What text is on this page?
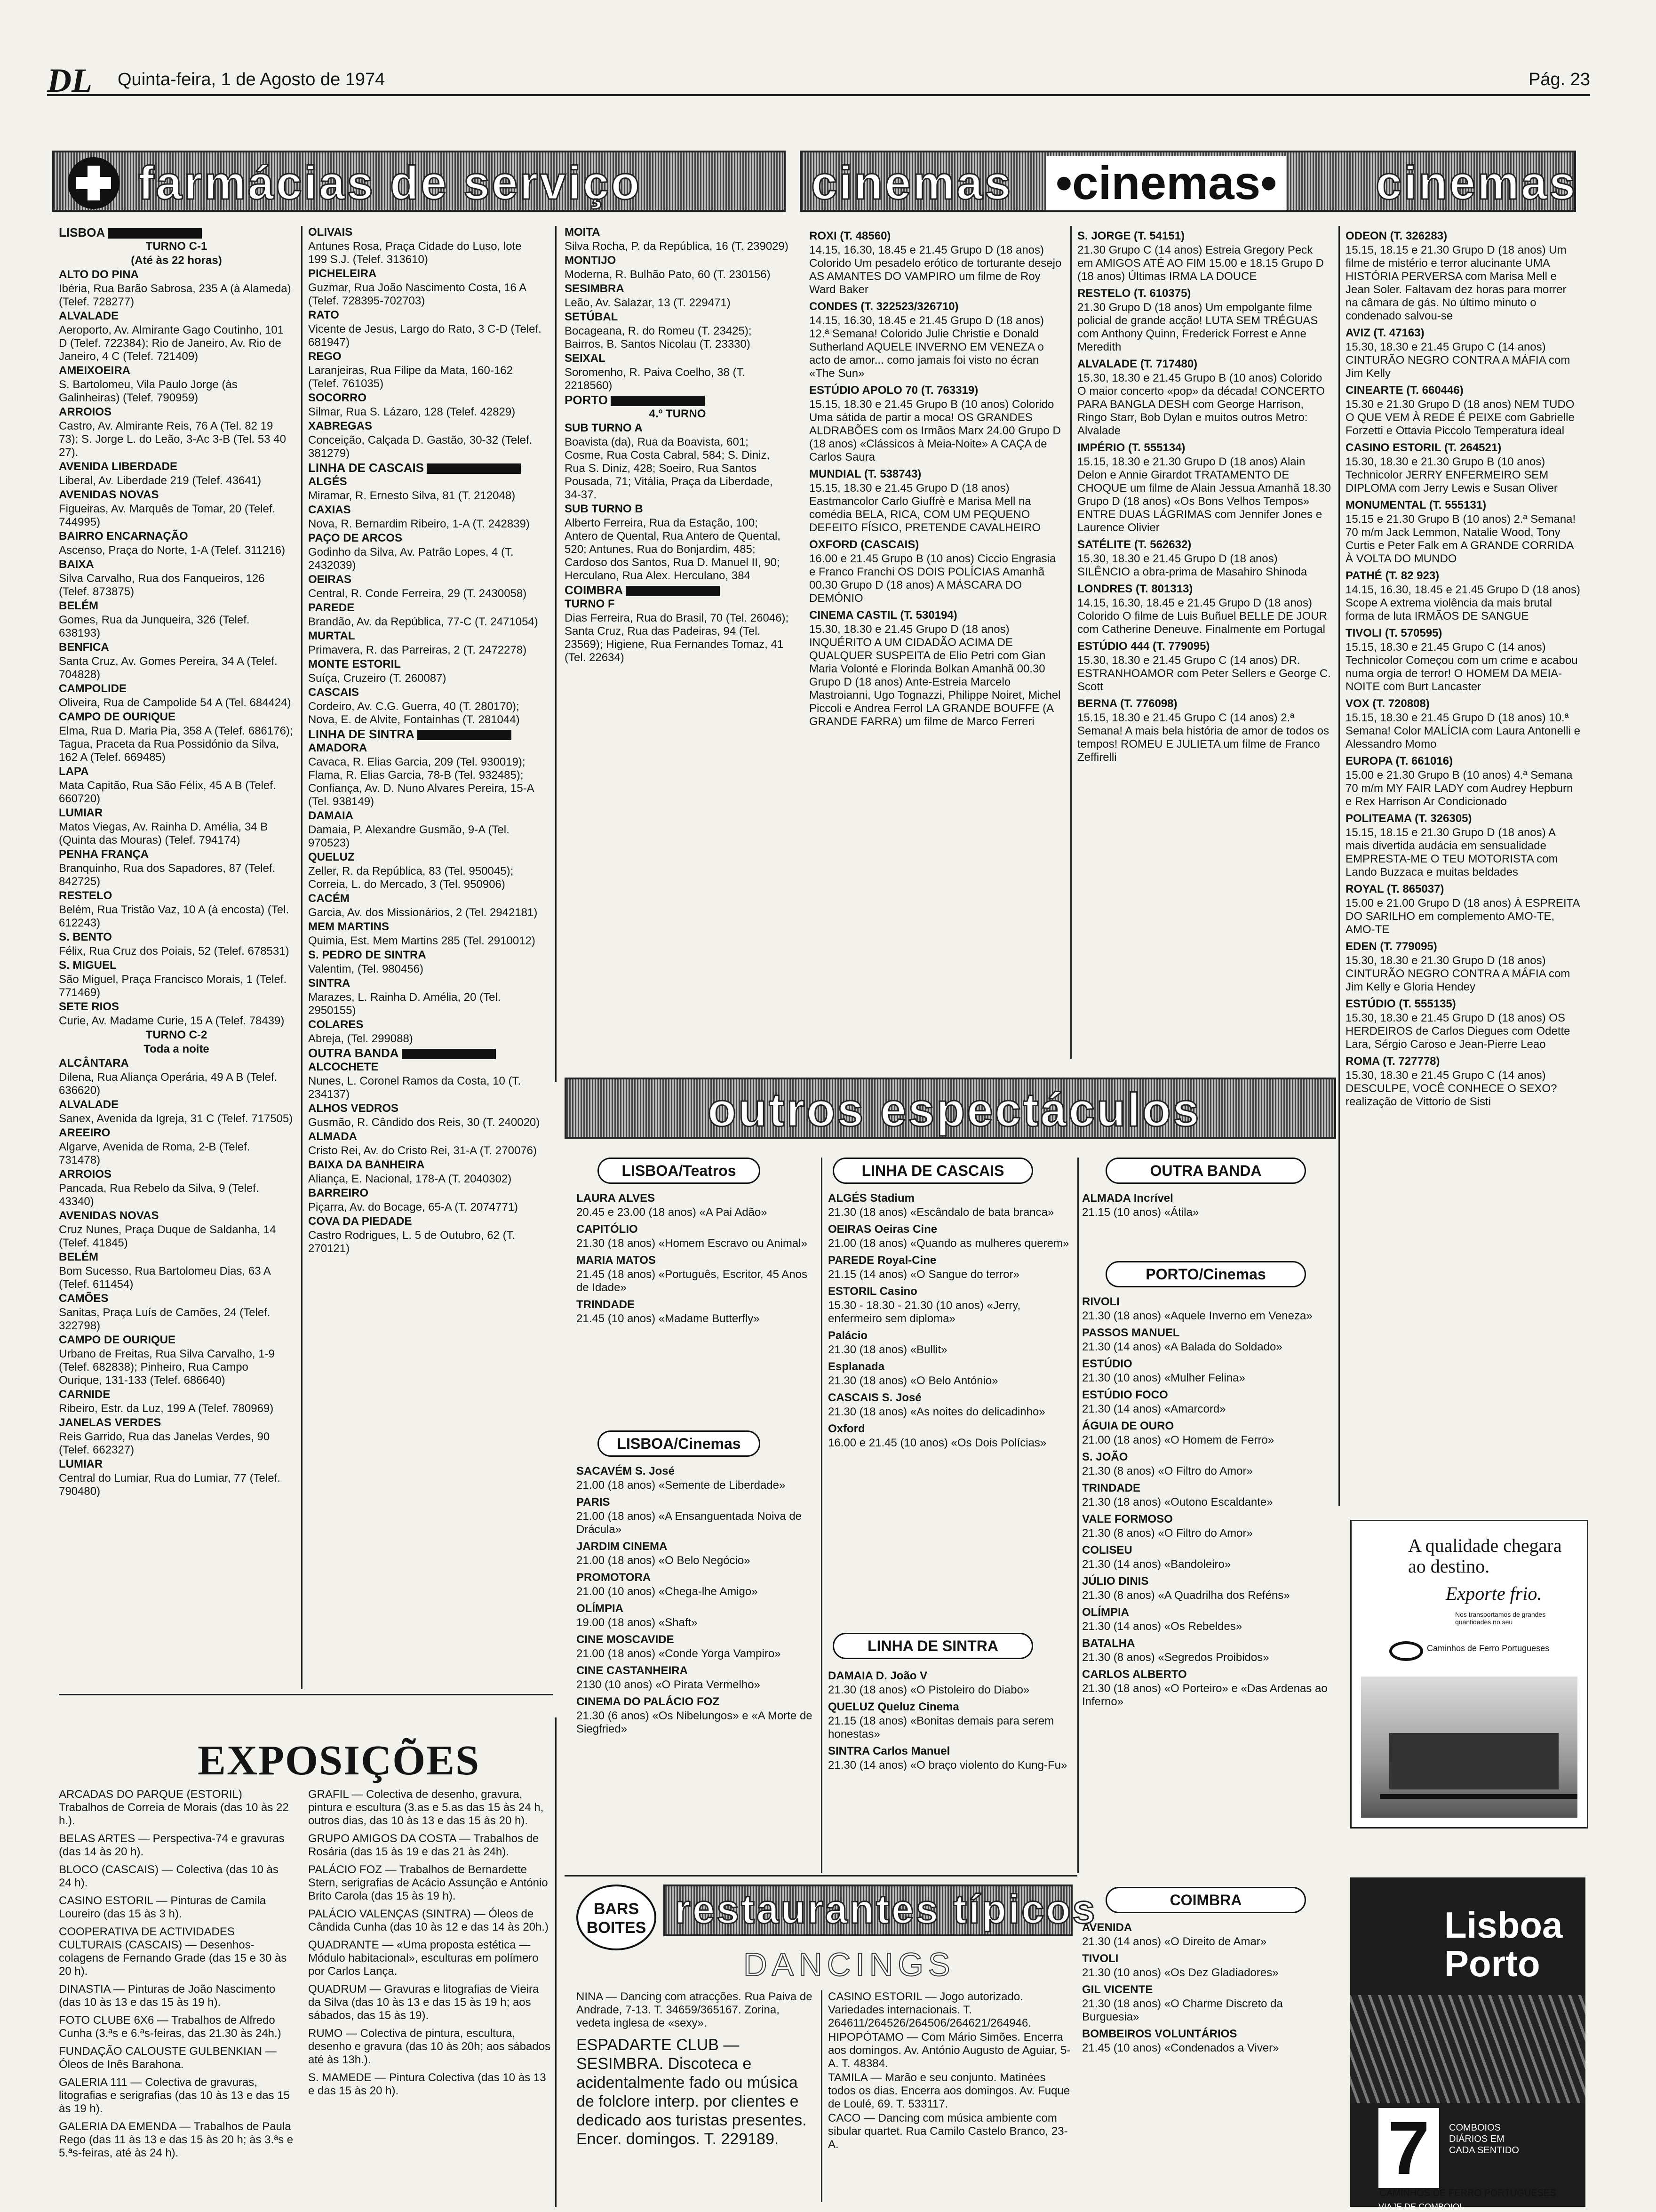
DL Quinta-feira, 1 de Agosto de 1974	Pág. 23
farmácias de serviço	cinemas •cinemas• cinemas

LISBOA

TURNO C-1

(Até às 22 horas)

ALTO DO PINA

Ibéria, Rua Barão Sabrosa, 235 A (à Alameda) (Telef. 728277)

ALVALADE

Aeroporto, Av. Almirante Gago Coutinho, 101 D (Telef. 722384); Rio de Janeiro, Av. Rio de Janeiro, 4 C (Telef. 721409)

AMEIXOEIRA

S. Bartolomeu, Vila Paulo Jorge (às Galinheiras) (Telef. 790959)

ARROIOS

Castro, Av. Almirante Reis, 76 A (Tel. 82 19 73); S. Jorge L. do Leão, 3-Ac 3-B (Tel. 53 40 27).

AVENIDA LIBERDADE

Liberal, Av. Liberdade 219 (Telef. 43641)

AVENIDAS NOVAS

Figueiras, Av. Marquês de Tomar, 20 (Telef. 744995)

BAIRRO ENCARNAÇÃO

Ascenso, Praça do Norte, 1-A (Telef. 311216)

BAIXA

Silva Carvalho, Rua dos Fanqueiros, 126 (Telef. 873875)

BELÉM

Gomes, Rua da Junqueira, 326 (Telef. 638193)

BENFICA

Santa Cruz, Av. Gomes Pereira, 34 A (Telef. 704828)

CAMPOLIDE

Oliveira, Rua de Campolide 54 A (Tel. 684424)

CAMPO DE OURIQUE

Elma, Rua D. Maria Pia, 358 A (Telef. 686176); Tagua, Praceta da Rua Possidónio da Silva, 162 A (Telef. 669485)

LAPA

Mata Capitão, Rua São Félix, 45 A B (Telef. 660720)

LUMIAR

Matos Viegas, Av. Rainha D. Amélia, 34 B (Quinta das Mouras) (Telef. 794174)

PENHA FRANÇA

Branquinho, Rua dos Sapadores, 87 (Telef. 842725)

RESTELO

Belém, Rua Tristão Vaz, 10 A (à encosta) (Tel. 612243)

S. BENTO

Félix, Rua Cruz dos Poiais, 52 (Telef. 678531)

S. MIGUEL

São Miguel, Praça Francisco Morais, 1 (Telef. 771469)

SETE RIOS

Curie, Av. Madame Curie, 15 A (Telef. 78439)

TURNO C-2

Toda a noite

ALCÂNTARA

Dilena, Rua Aliança Operária, 49 A B (Telef. 636620)

ALVALADE

Sanex, Avenida da Igreja, 31 C (Telef. 717505)

AREEIRO

Algarve, Avenida de Roma, 2-B (Telef. 731478)

ARROIOS

Pancada, Rua Rebelo da Silva, 9 (Telef. 43340)

AVENIDAS NOVAS

Cruz Nunes, Praça Duque de Saldanha, 14 (Telef. 41845)

BELÉM

Bom Sucesso, Rua Bartolomeu Dias, 63 A (Telef. 611454)

CAMÕES

Sanitas, Praça Luís de Camões, 24 (Telef. 322798)

CAMPO DE OURIQUE

Urbano de Freitas, Rua Silva Carvalho, 1-9 (Telef. 682838); Pinheiro, Rua Campo Ourique, 131-133 (Telef. 686640)

CARNIDE

Ribeiro, Estr. da Luz, 199 A (Telef. 780969)

JANELAS VERDES

Reis Garrido, Rua das Janelas Verdes, 90 (Telef. 662327)

LUMIAR

Central do Lumiar, Rua do Lumiar, 77 (Telef. 790480)

OLIVAIS

Antunes Rosa, Praça Cidade do Luso, lote 199 S.J. (Telef. 313610)

PICHELEIRA

Guzmar, Rua João Nascimento Costa, 16 A (Telef. 728395-702703)

RATO

Vicente de Jesus, Largo do Rato, 3 C-D (Telef. 681947)

REGO

Laranjeiras, Rua Filipe da Mata, 160-162 (Telef. 761035)

SOCORRO

Silmar, Rua S. Lázaro, 128 (Telef. 42829)

XABREGAS

Conceição, Calçada D. Gastão, 30-32 (Telef. 381279)

LINHA DE CASCAIS

ALGÉS

Miramar, R. Ernesto Silva, 81 (T. 212048)

CAXIAS

Nova, R. Bernardim Ribeiro, 1-A (T. 242839)

PAÇO DE ARCOS

Godinho da Silva, Av. Patrão Lopes, 4 (T. 2432039)

OEIRAS

Central, R. Conde Ferreira, 29 (T. 2430058)

PAREDE

Brandão, Av. da República, 77-C (T. 2471054)

MURTAL

Primavera, R. das Parreiras, 2 (T. 2472278)

MONTE ESTORIL

Suíça, Cruzeiro (T. 260087)

CASCAIS

Cordeiro, Av. C.G. Guerra, 40 (T. 280170); Nova, E. de Alvite, Fontainhas (T. 281044)

LINHA DE SINTRA

AMADORA

Cavaca, R. Elias Garcia, 209 (Tel. 930019); Flama, R. Elias Garcia, 78-B (Tel. 932485); Confiança, Av. D. Nuno Alvares Pereira, 15-A (Tel. 938149)

DAMAIA

Damaia, P. Alexandre Gusmão, 9-A (Tel. 970523)

QUELUZ

Zeller, R. da República, 83 (Tel. 950045); Correia, L. do Mercado, 3 (Tel. 950906)

CACÉM

Garcia, Av. dos Missionários, 2 (Tel. 2942181)

MEM MARTINS

Quimia, Est. Mem Martins 285 (Tel. 2910012)

S. PEDRO DE SINTRA

Valentim, (Tel. 980456)

SINTRA

Marazes, L. Rainha D. Amélia, 20 (Tel. 2950155)

COLARES

Abreja, (Tel. 299088)

OUTRA BANDA

ALCOCHETE

Nunes, L. Coronel Ramos da Costa, 10 (T. 234137)

ALHOS VEDROS

Gusmão, R. Cândido dos Reis, 30 (T. 240020)

ALMADA

Cristo Rei, Av. do Cristo Rei, 31-A (T. 270076)

BAIXA DA BANHEIRA

Aliança, E. Nacional, 178-A (T. 2040302)

BARREIRO

Piçarra, Av. do Bocage, 65-A (T. 2074771)

COVA DA PIEDADE

Castro Rodrigues, L. 5 de Outubro, 62 (T. 270121)

MOITA

Silva Rocha, P. da República, 16 (T. 239029)

MONTIJO

Moderna, R. Bulhão Pato, 60 (T. 230156)

SESIMBRA

Leão, Av. Salazar, 13 (T. 229471)

SETÚBAL

Bocageana, R. do Romeu (T. 23425); Bairros, B. Santos Nicolau (T. 23330)

SEIXAL

Soromenho, R. Paiva Coelho, 38 (T. 2218560)

PORTO

4.º TURNO

SUB TURNO A

Boavista (da), Rua da Boavista, 601; Cosme, Rua Costa Cabral, 584; S. Diniz, Rua S. Diniz, 428; Soeiro, Rua Santos Pousada, 71; Vitália, Praça da Liberdade, 34-37.

SUB TURNO B

Alberto Ferreira, Rua da Estação, 100; Antero de Quental, Rua Antero de Quental, 520; Antunes, Rua do Bonjardim, 485; Cardoso dos Santos, Rua D. Manuel II, 90; Herculano, Rua Alex. Herculano, 384

COIMBRA

TURNO F

Dias Ferreira, Rua do Brasil, 70 (Tel. 26046); Santa Cruz, Rua das Padeiras, 94 (Tel. 23569); Higiene, Rua Fernandes Tomaz, 41 (Tel. 22634)

EXPOSIÇÕES

ARCADAS DO PARQUE (ESTORIL) Trabalhos de Correia de Morais (das 10 às 22 h.).

BELAS ARTES — Perspectiva-74 e gravuras (das 14 às 20 h).

BLOCO (CASCAIS) — Colectiva (das 10 às 24 h).

CASINO ESTORIL — Pinturas de Camila Loureiro (das 15 às 3 h).

COOPERATIVA DE ACTIVIDADES CULTURAIS (CASCAIS) — Desenhos-colagens de Fernando Grade (das 15 e 30 às 20 h).

DINASTIA — Pinturas de João Nascimento (das 10 às 13 e das 15 às 19 h).

FOTO CLUBE 6X6 — Trabalhos de Alfredo Cunha (3.ªs e 6.ªs-feiras, das 21.30 às 24h.)

FUNDAÇÃO CALOUSTE GULBENKIAN — Óleos de Inês Barahona.

GALERIA 111 — Colectiva de gravuras, litografias e serigrafias (das 10 às 13 e das 15 às 19 h).

GALERIA DA EMENDA — Trabalhos de Paula Rego (das 11 às 13 e das 15 às 20 h; às 3.ªs e 5.ªs-feiras, até às 24 h).

GRAFIL — Colectiva de desenho, gravura, pintura e escultura (3.as e 5.as das 15 às 24 h, outros dias, das 10 às 13 e das 15 às 20 h).

GRUPO AMIGOS DA COSTA — Trabalhos de Rosária (das 15 às 19 e das 21 às 24h).

PALÁCIO FOZ — Trabalhos de Bernardette Stern, serigrafias de Acácio Assunção e António Brito Carola (das 15 às 19 h).

PALÁCIO VALENÇAS (SINTRA) — Óleos de Cândida Cunha (das 10 às 12 e das 14 às 20h.)

QUADRANTE — «Uma proposta estética — Módulo habitacional», esculturas em polímero por Carlos Lança.

QUADRUM — Gravuras e litografias de Vieira da Silva (das 10 às 13 e das 15 às 19 h; aos sábados, das 15 às 19).

RUMO — Colectiva de pintura, escultura, desenho e gravura (das 10 às 20h; aos sábados até às 13h.).

S. MAMEDE — Pintura Colectiva (das 10 às 13 e das 15 às 20 h).

ROXI (T. 48560)

14.15, 16.30, 18.45 e 21.45 Grupo D (18 anos) Colorido Um pesadelo erótico de torturante desejo AS AMANTES DO VAMPIRO um filme de Roy Ward Baker

CONDES (T. 322523/326710)

14.15, 16.30, 18.45 e 21.45 Grupo D (18 anos) 12.ª Semana! Colorido Julie Christie e Donald Sutherland AQUELE INVERNO EM VENEZA o acto de amor... como jamais foi visto no écran «The Sun»

ESTÚDIO APOLO 70 (T. 763319)

15.15, 18.30 e 21.45 Grupo B (10 anos) Colorido Uma sátida de partir a moca! OS GRANDES ALDRABÕES com os Irmãos Marx 24.00 Grupo D (18 anos) «Clássicos à Meia-Noite» A CAÇA de Carlos Saura

MUNDIAL (T. 538743)

15.15, 18.30 e 21.45 Grupo D (18 anos) Eastmancolor Carlo Giuffrè e Marisa Mell na comédia BELA, RICA, COM UM PEQUENO DEFEITO FÍSICO, PRETENDE CAVALHEIRO

OXFORD (CASCAIS)

16.00 e 21.45 Grupo B (10 anos) Ciccio Engrasia e Franco Franchi OS DOIS POLÍCIAS Amanhã 00.30 Grupo D (18 anos) A MÁSCARA DO DEMÓNIO

CINEMA CASTIL (T. 530194)

15.30, 18.30 e 21.45 Grupo D (18 anos) INQUÉRITO A UM CIDADÃO ACIMA DE QUALQUER SUSPEITA de Elio Petri com Gian Maria Volonté e Florinda Bolkan Amanhã 00.30 Grupo D (18 anos) Ante-Estreia Marcelo Mastroianni, Ugo Tognazzi, Philippe Noiret, Michel Piccoli e Andrea Ferrol LA GRANDE BOUFFE (A GRANDE FARRA) um filme de Marco Ferreri

S. JORGE (T. 54151)

21.30 Grupo C (14 anos) Estreia Gregory Peck em AMIGOS ATÉ AO FIM 15.00 e 18.15 Grupo D (18 anos) Últimas IRMA LA DOUCE

RESTELO (T. 610375)

21.30 Grupo D (18 anos) Um empolgante filme policial de grande acção! LUTA SEM TRÉGUAS com Anthony Quinn, Frederick Forrest e Anne Meredith

ALVALADE (T. 717480)

15.30, 18.30 e 21.45 Grupo B (10 anos) Colorido O maior concerto «pop» da década! CONCERTO PARA BANGLA DESH com George Harrison, Ringo Starr, Bob Dylan e muitos outros Metro: Alvalade

IMPÉRIO (T. 555134)

15.15, 18.30 e 21.30 Grupo D (18 anos) Alain Delon e Annie Girardot TRATAMENTO DE CHOQUE um filme de Alain Jessua Amanhã 18.30 Grupo D (18 anos) «Os Bons Velhos Tempos» ENTRE DUAS LÁGRIMAS com Jennifer Jones e Laurence Olivier

SATÉLITE (T. 562632)

15.30, 18.30 e 21.45 Grupo D (18 anos) SILÊNCIO a obra-prima de Masahiro Shinoda

LONDRES (T. 801313)

14.15, 16.30, 18.45 e 21.45 Grupo D (18 anos) Colorido O filme de Luis Buñuel BELLE DE JOUR com Catherine Deneuve. Finalmente em Portugal

ESTÚDIO 444 (T. 779095)

15.30, 18.30 e 21.45 Grupo C (14 anos) DR. ESTRANHOAMOR com Peter Sellers e George C. Scott

BERNA (T. 776098)

15.15, 18.30 e 21.45 Grupo C (14 anos) 2.ª Semana! A mais bela história de amor de todos os tempos! ROMEU E JULIETA um filme de Franco Zeffirelli

ODEON (T. 326283)

15.15, 18.15 e 21.30 Grupo D (18 anos) Um filme de mistério e terror alucinante UMA HISTÓRIA PERVERSA com Marisa Mell e Jean Soler. Faltavam dez horas para morrer na câmara de gás. No último minuto o condenado salvou-se

AVIZ (T. 47163)

15.30, 18.30 e 21.45 Grupo C (14 anos) CINTURÃO NEGRO CONTRA A MÁFIA com Jim Kelly

CINEARTE (T. 660446)

15.30 e 21.30 Grupo D (18 anos) NEM TUDO O QUE VEM À REDE É PEIXE com Gabrielle Forzetti e Ottavia Piccolo Temperatura ideal

CASINO ESTORIL (T. 264521)

15.30, 18.30 e 21.30 Grupo B (10 anos) Technicolor JERRY ENFERMEIRO SEM DIPLOMA com Jerry Lewis e Susan Oliver

MONUMENTAL (T. 555131)

15.15 e 21.30 Grupo B (10 anos) 2.ª Semana! 70 m/m Jack Lemmon, Natalie Wood, Tony Curtis e Peter Falk em A GRANDE CORRIDA À VOLTA DO MUNDO

PATHÉ (T. 82 923)

14.15, 16.30, 18.45 e 21.45 Grupo D (18 anos) Scope A extrema violência da mais brutal forma de luta IRMÃOS DE SANGUE

TIVOLI (T. 570595)

15.15, 18.30 e 21.45 Grupo C (14 anos) Technicolor Começou com um crime e acabou numa orgia de terror! O HOMEM DA MEIA-NOITE com Burt Lancaster

VOX (T. 720808)

15.15, 18.30 e 21.45 Grupo D (18 anos) 10.ª Semana! Color MALÍCIA com Laura Antonelli e Alessandro Momo

EUROPA (T. 661016)

15.00 e 21.30 Grupo B (10 anos) 4.ª Semana 70 m/m MY FAIR LADY com Audrey Hepburn e Rex Harrison Ar Condicionado

POLITEAMA (T. 326305)

15.15, 18.15 e 21.30 Grupo D (18 anos) A mais divertida audácia em sensualidade EMPRESTA-ME O TEU MOTORISTA com Lando Buzzaca e muitas beldades

ROYAL (T. 865037)

15.00 e 21.00 Grupo D (18 anos) À ESPREITA DO SARILHO em complemento AMO-TE, AMO-TE

EDEN (T. 779095)

15.30, 18.30 e 21.30 Grupo D (18 anos) CINTURÃO NEGRO CONTRA A MÁFIA com Jim Kelly e Gloria Hendey

ESTÚDIO (T. 555135)

15.30, 18.30 e 21.45 Grupo D (18 anos) OS HERDEIROS de Carlos Diegues com Odette Lara, Sérgio Caroso e Jean-Pierre Leao

ROMA (T. 727778)

15.30, 18.30 e 21.45 Grupo C (14 anos) DESCULPE, VOCÊ CONHECE O SEXO? realização de Vittorio de Sisti

outros espectáculos
LISBOA/Teatros	LINHA DE CASCAIS	OUTRA BANDA

LAURA ALVES

20.45 e 23.00 (18 anos) «A Pai Adão»

CAPITÓLIO

21.30 (18 anos) «Homem Escravo ou Animal»

MARIA MATOS

21.45 (18 anos) «Português, Escritor, 45 Anos de Idade»

TRINDADE

21.45 (10 anos) «Madame Butterfly»

LISBOA/Cinemas

SACAVÉM S. José

21.00 (18 anos) «Semente de Liberdade»

PARIS

21.00 (18 anos) «A Ensanguentada Noiva de Drácula»

JARDIM CINEMA

21.00 (18 anos) «O Belo Negócio»

PROMOTORA

21.00 (10 anos) «Chega-lhe Amigo»

OLÍMPIA

19.00 (18 anos) «Shaft»

CINE MOSCAVIDE

21.00 (18 anos) «Conde Yorga Vampiro»

CINE CASTANHEIRA

2130 (10 anos) «O Pirata Vermelho»

CINEMA DO PALÁCIO FOZ

21.30 (6 anos) «Os Nibelungos» e «A Morte de Siegfried»

ALGÉS Stadium

21.30 (18 anos) «Escândalo de bata branca»

OEIRAS Oeiras Cine

21.00 (18 anos) «Quando as mulheres querem»

PAREDE Royal-Cine

21.15 (14 anos) «O Sangue do terror»

ESTORIL Casino

15.30 - 18.30 - 21.30 (10 anos) «Jerry, enfermeiro sem diploma»

Palácio

21.30 (18 anos) «Bullit»

Esplanada

21.30 (18 anos) «O Belo António»

CASCAIS S. José

21.30 (18 anos) «As noites do delicadinho»

Oxford

16.00 e 21.45 (10 anos) «Os Dois Polícias»

LINHA DE SINTRA

DAMAIA D. João V

21.30 (18 anos) «O Pistoleiro do Diabo»

QUELUZ Queluz Cinema

21.15 (18 anos) «Bonitas demais para serem honestas»

SINTRA Carlos Manuel

21.30 (14 anos) «O braço violento do Kung-Fu»

ALMADA Incrível

21.15 (10 anos) «Átila»

PORTO/Cinemas

RIVOLI

21.30 (18 anos) «Aquele Inverno em Veneza»

PASSOS MANUEL

21.30 (14 anos) «A Balada do Soldado»

ESTÚDIO

21.30 (10 anos) «Mulher Felina»

ESTÚDIO FOCO

21.30 (14 anos) «Amarcord»

ÁGUIA DE OURO

21.00 (18 anos) «O Homem de Ferro»

S. JOÃO

21.30 (8 anos) «O Filtro do Amor»

TRINDADE

21.30 (18 anos) «Outono Escaldante»

VALE FORMOSO

21.30 (8 anos) «O Filtro do Amor»

COLISEU

21.30 (14 anos) «Bandoleiro»

JÚLIO DINIS

21.30 (8 anos) «A Quadrilha dos Reféns»

OLÍMPIA

21.30 (14 anos) «Os Rebeldes»

BATALHA

21.30 (8 anos) «Segredos Proibidos»

CARLOS ALBERTO

21.30 (18 anos) «O Porteiro» e «Das Ardenas ao Inferno»

COIMBRA

AVENIDA

21.30 (14 anos) «O Direito de Amar»

TIVOLI

21.30 (10 anos) «Os Dez Gladiadores»

GIL VICENTE

21.30 (18 anos) «O Charme Discreto da Burguesia»

BOMBEIROS VOLUNTÁRIOS

21.45 (10 anos) «Condenados a Viver»

BARS BOITES restaurantes típicos
DANCINGS

NINA — Dancing com atracções. Rua Paiva de Andrade, 7-13. T. 34659/365167. Zorina, vedeta inglesa de «sexy».

ESPADARTE CLUB — SESIMBRA. Discoteca e acidentalmente fado ou música de folclore interp. por clientes e dedicado aos turistas presentes. Encer. domingos. T. 229189.

CASINO ESTORIL — Jogo autorizado. Variedades internacionais. T. 264611/264526/264506/264621/264946.

HIPOPÓTAMO — Com Mário Simões. Encerra aos domingos. Av. António Augusto de Aguiar, 5-A. T. 48384.

TAMILA — Marão e seu conjunto. Matinées todos os dias. Encerra aos domingos. Av. Fuque de Loulé, 69. T. 533117.

CACO — Dancing com música ambiente com sibular quartet. Rua Camilo Castelo Branco, 23-A.

A qualidade chegara ao destino.
Exporte frio.
Nos transportamos de grandes quantidades no seu
Caminhos de Ferro Portugueses
Lisboa Porto
7	COMBOIOS DIÁRIOS EM CADA SENTIDO
VIAJE DE COMBOIO!
CAMINHOS DE FERRO PORTUGUESES
